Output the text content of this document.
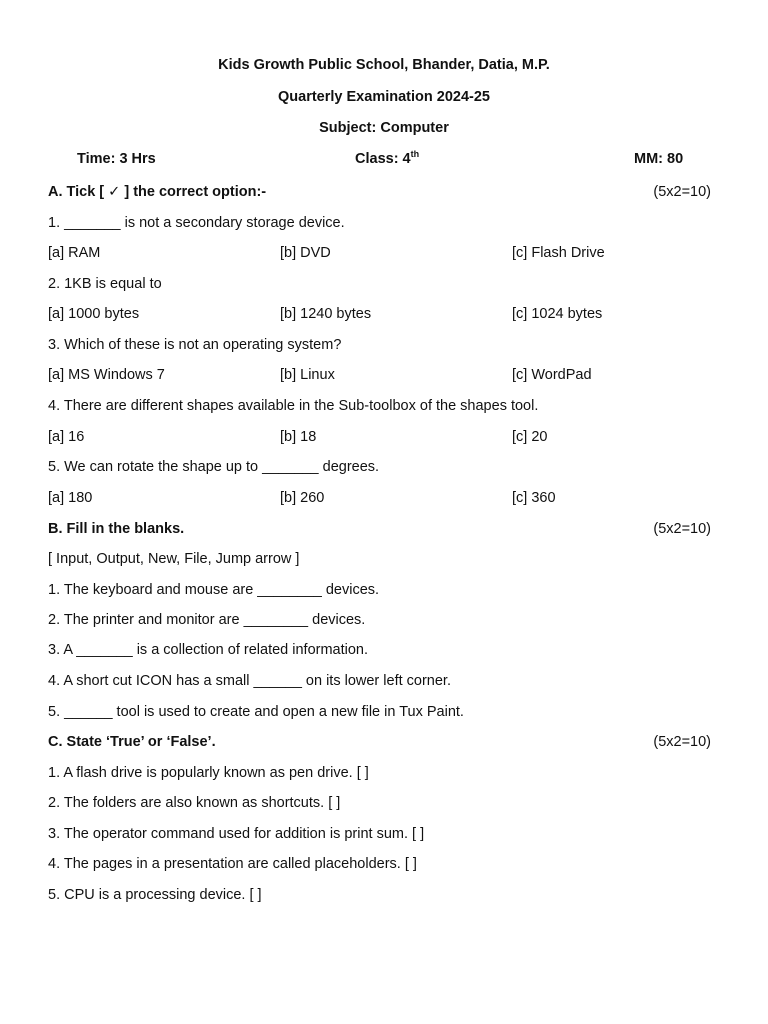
Kids Growth Public School, Bhander, Datia, M.P.
Quarterly Examination 2024-25
Subject: Computer
Time: 3 Hrs	Class: 4th	MM: 80
A. Tick [ ✓ ] the correct option:-	(5x2=10)
1. _______ is not a secondary storage device.
[a] RAM	[b] DVD	[c] Flash Drive
2. 1KB is equal to
[a] 1000 bytes	[b] 1240 bytes	[c] 1024 bytes
3. Which of these is not an operating system?
[a] MS Windows 7	[b] Linux	[c] WordPad
4. There are different shapes available in the Sub-toolbox of the shapes tool.
[a] 16	[b] 18	[c] 20
5. We can rotate the shape up to _______ degrees.
[a] 180	[b] 260	[c] 360
B. Fill in the blanks.	(5x2=10)
[ Input, Output, New, File, Jump arrow ]
1. The keyboard and mouse are ________ devices.
2. The printer and monitor are ________ devices.
3. A _______ is a collection of related information.
4. A short cut ICON has a small ______ on its lower left corner.
5. ______ tool is used to create and open a new file in Tux Paint.
C. State ‘True’ or ‘False’.	(5x2=10)
1. A flash drive is popularly known as pen drive. [ ]
2. The folders are also known as shortcuts. [ ]
3. The operator command used for addition is print sum. [ ]
4. The pages in a presentation are called placeholders. [ ]
5. CPU is a processing device. [ ]
